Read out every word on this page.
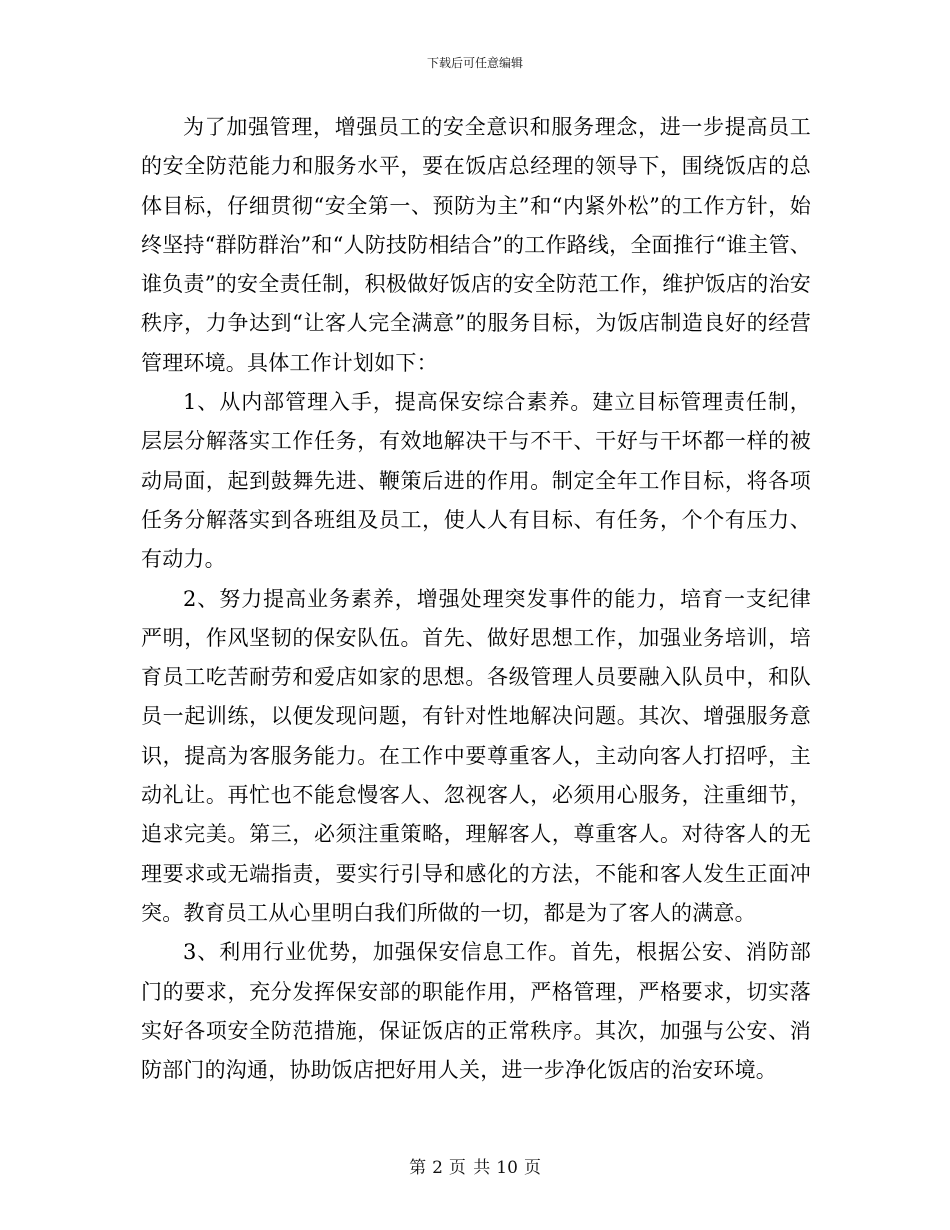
下载后可任意编辑

为了加强管理，增强员工的安全意识和服务理念，进一步提高员工的安全防范能力和服务水平，要在饭店总经理的领导下，围绕饭店的总体目标，仔细贯彻“安全第一、预防为主”和“内紧外松”的工作方针，始终坚持“群防群治”和“人防技防相结合”的工作路线，全面推行“谁主管、谁负责”的安全责任制，积极做好饭店的安全防范工作，维护饭店的治安秩序，力争达到“让客人完全满意”的服务目标，为饭店制造良好的经营管理环境。具体工作计划如下：

1、从内部管理入手，提高保安综合素养。建立目标管理责任制，层层分解落实工作任务，有效地解决干与不干、干好与干坏都一样的被动局面，起到鼓舞先进、鞭策后进的作用。制定全年工作目标，将各项任务分解落实到各班组及员工，使人人有目标、有任务，个个有压力、有动力。

2、努力提高业务素养，增强处理突发事件的能力，培育一支纪律严明，作风坚韧的保安队伍。首先、做好思想工作，加强业务培训，培育员工吃苦耐劳和爱店如家的思想。各级管理人员要融入队员中，和队员一起训练，以便发现问题，有针对性地解决问题。其次、增强服务意识，提高为客服务能力。在工作中要尊重客人，主动向客人打招呼，主动礼让。再忙也不能怠慢客人、忽视客人，必须用心服务，注重细节，追求完美。第三，必须注重策略，理解客人，尊重客人。对待客人的无理要求或无端指责，要实行引导和感化的方法，不能和客人发生正面冲突。教育员工从心里明白我们所做的一切，都是为了客人的满意。

3、利用行业优势，加强保安信息工作。首先，根据公安、消防部门的要求，充分发挥保安部的职能作用，严格管理，严格要求，切实落实好各项安全防范措施，保证饭店的正常秩序。其次，加强与公安、消防部门的沟通，协助饭店把好用人关，进一步净化饭店的治安环境。

第 2 页 共 10 页
